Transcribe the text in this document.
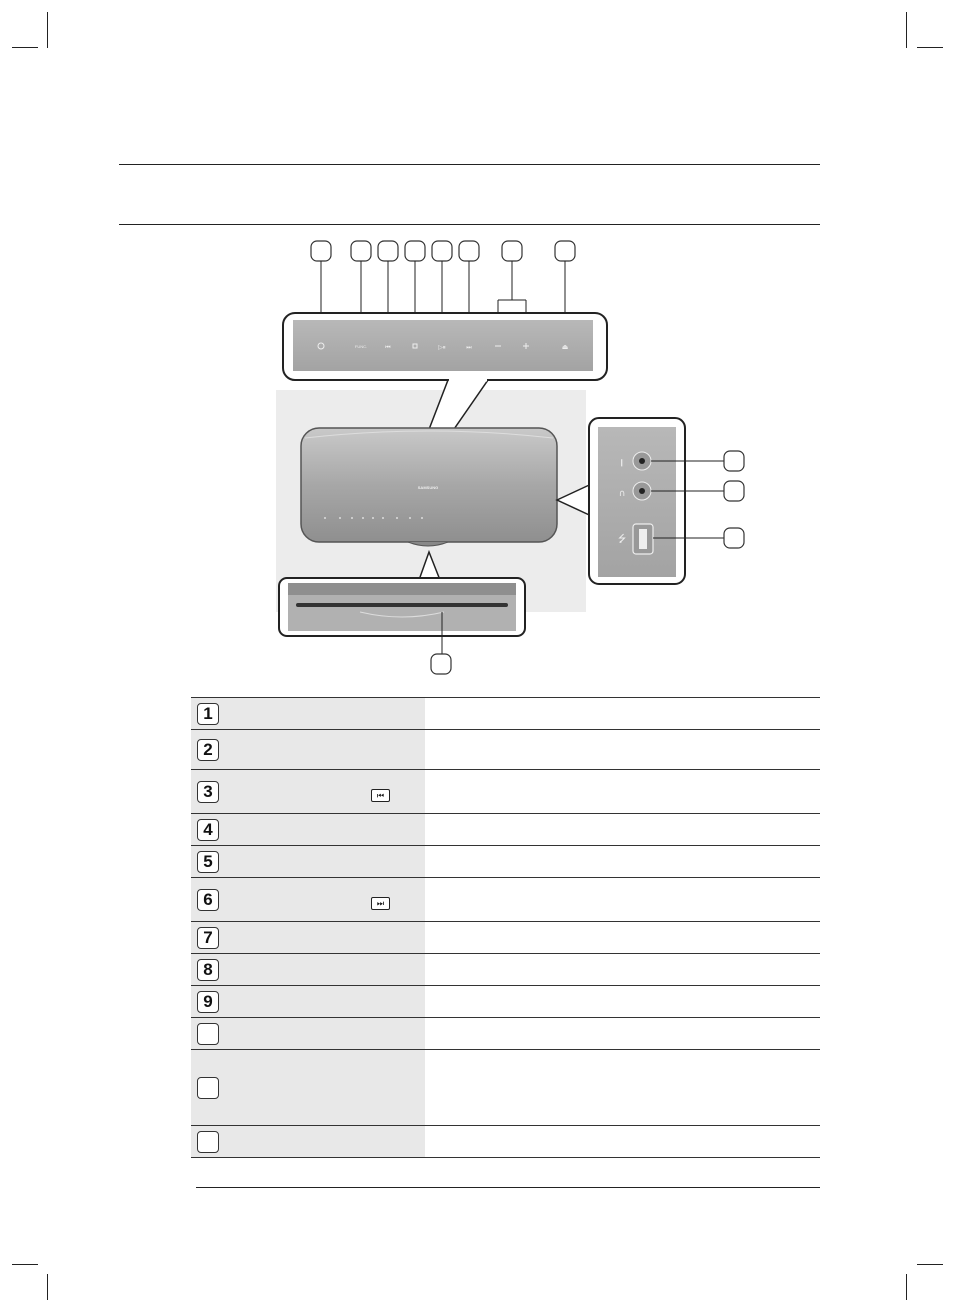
FUNC.	⏮	▷⏸	⏭	⏏
SAMSUNG
𝄃
∩
⭍
1	
2	
3 ⏮	
4	
5	
6 ⏭	
7	
8	
9	
